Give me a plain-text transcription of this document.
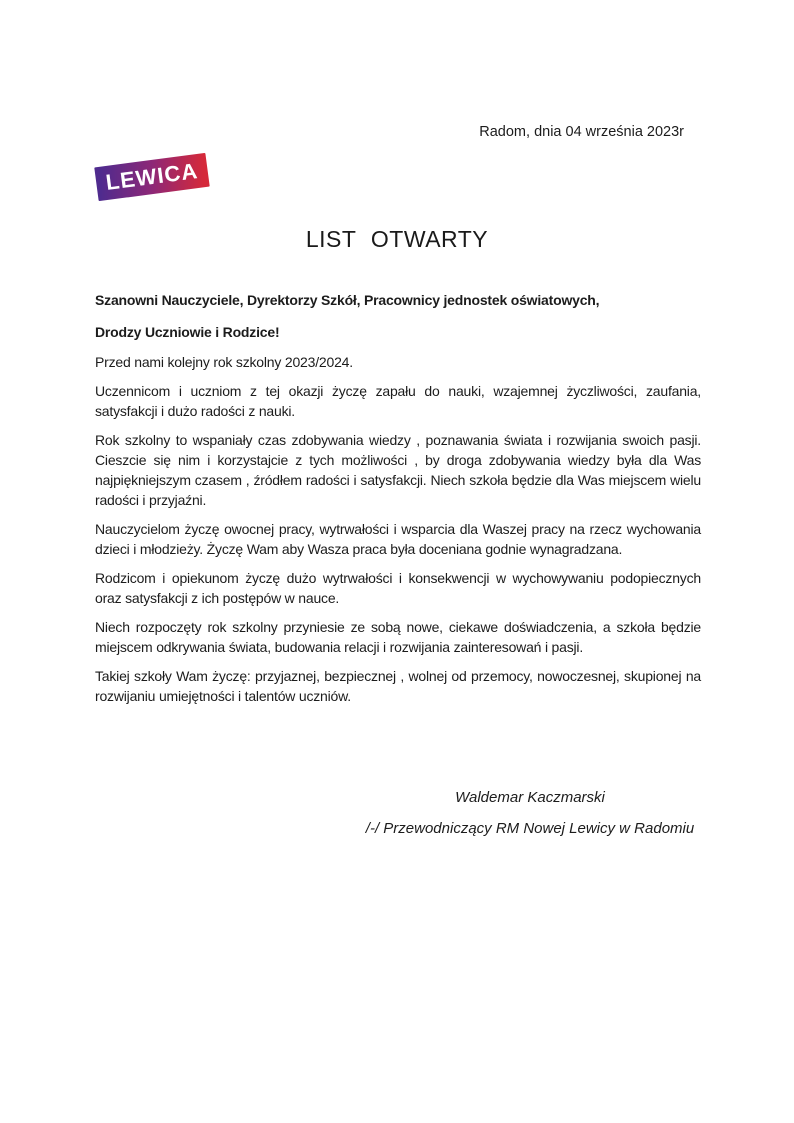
Radom, dnia 04 września 2023r
LEWICA
LIST OTWARTY

Szanowni Nauczyciele, Dyrektorzy Szkół, Pracownicy jednostek oświatowych,

Drodzy Uczniowie i Rodzice!

Przed nami kolejny rok szkolny 2023/2024.

Uczennicom i uczniom z tej okazji życzę zapału do nauki, wzajemnej życzliwości, zaufania, satysfakcji i dużo radości z nauki.

Rok szkolny to wspaniały czas zdobywania wiedzy , poznawania świata i rozwijania swoich pasji. Cieszcie się nim i korzystajcie z tych możliwości , by droga zdobywania wiedzy była dla Was najpiękniejszym czasem , źródłem radości i satysfakcji. Niech szkoła będzie dla Was miejscem wielu radości i przyjaźni.

Nauczycielom życzę owocnej pracy, wytrwałości i wsparcia dla Waszej pracy na rzecz wychowania dzieci i młodzieży. Życzę Wam aby Wasza praca była doceniana godnie wynagradzana.

Rodzicom i opiekunom życzę dużo wytrwałości i konsekwencji w wychowywaniu podopiecznych oraz satysfakcji z ich postępów w nauce.

Niech rozpoczęty rok szkolny przyniesie ze sobą nowe, ciekawe doświadczenia, a szkoła będzie miejscem odkrywania świata, budowania relacji i rozwijania zainteresowań i pasji.

Takiej szkoły Wam życzę: przyjaznej, bezpiecznej , wolnej od przemocy, nowoczesnej, skupionej na rozwijaniu umiejętności i talentów uczniów.

Waldemar Kaczmarski

/-/ Przewodniczący RM Nowej Lewicy w Radomiu
